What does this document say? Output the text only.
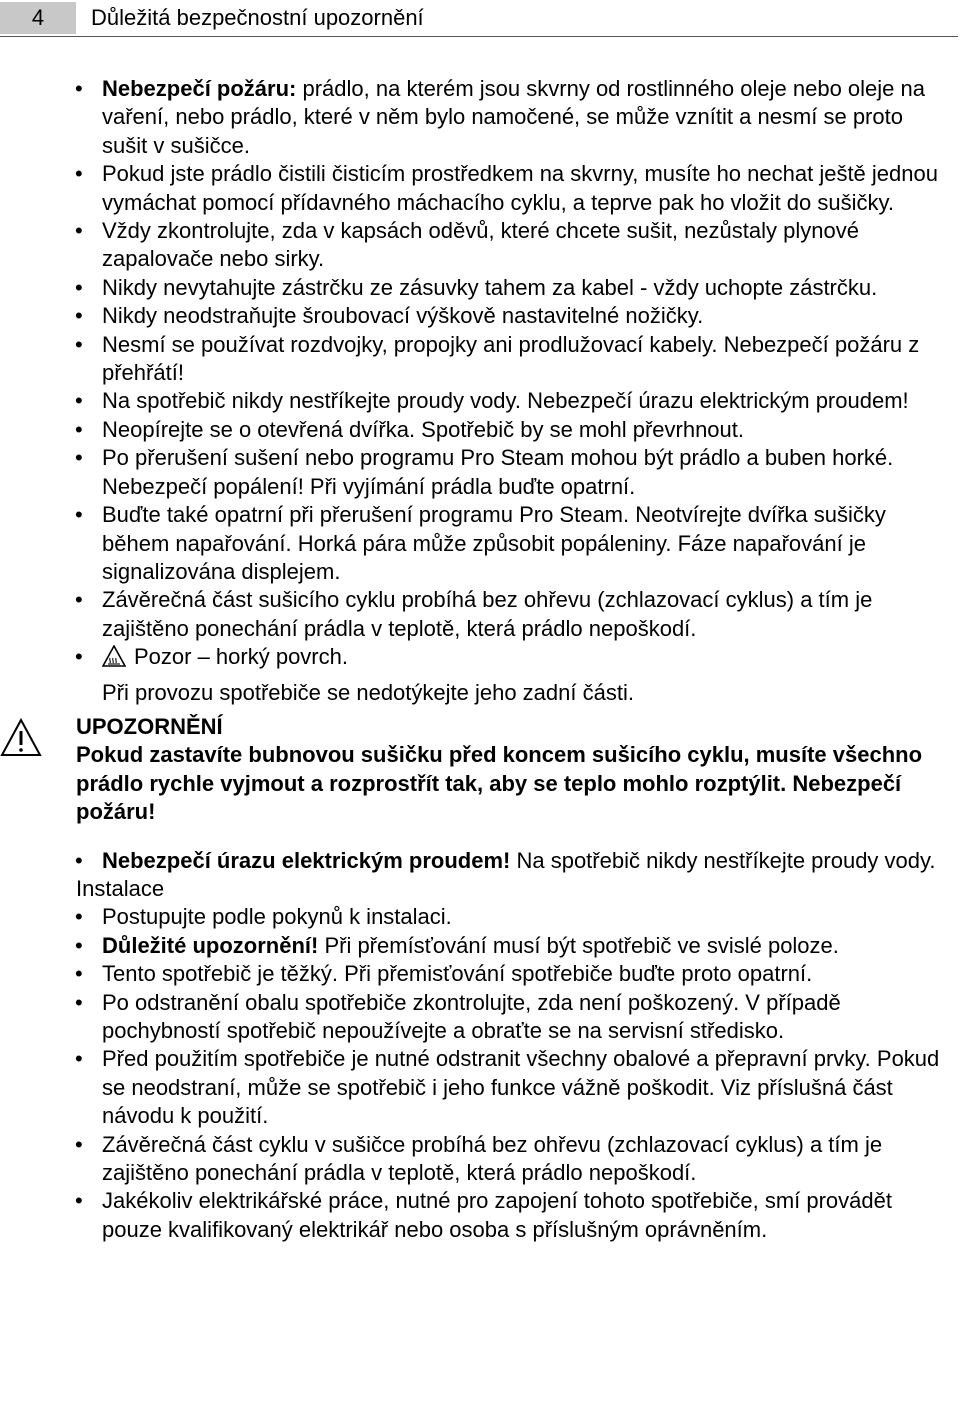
4	Důležitá bezpečnostní upozornění
• Nebezpečí požáru: prádlo, na kterém jsou skvrny od rostlinného oleje nebo oleje na vaření, nebo prádlo, které v něm bylo namočené, se může vznítit a nesmí se proto sušit v sušičce.
• Pokud jste prádlo čistili čisticím prostředkem na skvrny, musíte ho nechat ještě jednou vymáchat pomocí přídavného máchacího cyklu, a teprve pak ho vložit do sušičky.
• Vždy zkontrolujte, zda v kapsách oděvů, které chcete sušit, nezůstaly plynové zapalovače nebo sirky.
• Nikdy nevytahujte zástrčku ze zásuvky tahem za kabel - vždy uchopte zástrčku.
• Nikdy neodstraňujte šroubovací výškově nastavitelné nožičky.
• Nesmí se používat rozdvojky, propojky ani prodlužovací kabely. Nebezpečí požáru z přehřátí!
• Na spotřebič nikdy nestříkejte proudy vody. Nebezpečí úrazu elektrickým proudem!
• Neopírejte se o otevřená dvířka. Spotřebič by se mohl převrhnout.
• Po přerušení sušení nebo programu Pro Steam mohou být prádlo a buben horké. Nebezpečí popálení! Při vyjímání prádla buďte opatrní.
• Buďte také opatrní při přerušení programu Pro Steam. Neotvírejte dvířka sušičky během napařování. Horká pára může způsobit popáleniny. Fáze napařování je signalizována displejem.
• Závěrečná část sušicího cyklu probíhá bez ohřevu (zchlazovací cyklus) a tím je zajištěno ponechání prádla v teplotě, která prádlo nepoškodí.
• Pozor – horký povrch.
Při provozu spotřebiče se nedotýkejte jeho zadní části.
UPOZORNĚNÍ
Pokud zastavíte bubnovou sušičku před koncem sušicího cyklu, musíte všechno prádlo rychle vyjmout a rozprostřít tak, aby se teplo mohlo rozptýlit. Nebezpečí požáru!
• Nebezpečí úrazu elektrickým proudem! Na spotřebič nikdy nestříkejte proudy vody.
Instalace
• Postupujte podle pokynů k instalaci.
• Důležité upozornění! Při přemísťování musí být spotřebič ve svislé poloze.
• Tento spotřebič je těžký. Při přemisťování spotřebiče buďte proto opatrní.
• Po odstranění obalu spotřebiče zkontrolujte, zda není poškozený. V případě pochybností spotřebič nepoužívejte a obraťte se na servisní středisko.
• Před použitím spotřebiče je nutné odstranit všechny obalové a přepravní prvky. Pokud se neodstraní, může se spotřebič i jeho funkce vážně poškodit. Viz příslušná část návodu k použití.
• Závěrečná část cyklu v sušičce probíhá bez ohřevu (zchlazovací cyklus) a tím je zajištěno ponechání prádla v teplotě, která prádlo nepoškodí.
• Jakékoliv elektrikářské práce, nutné pro zapojení tohoto spotřebiče, smí provádět pouze kvalifikovaný elektrikář nebo osoba s příslušným oprávněním.
